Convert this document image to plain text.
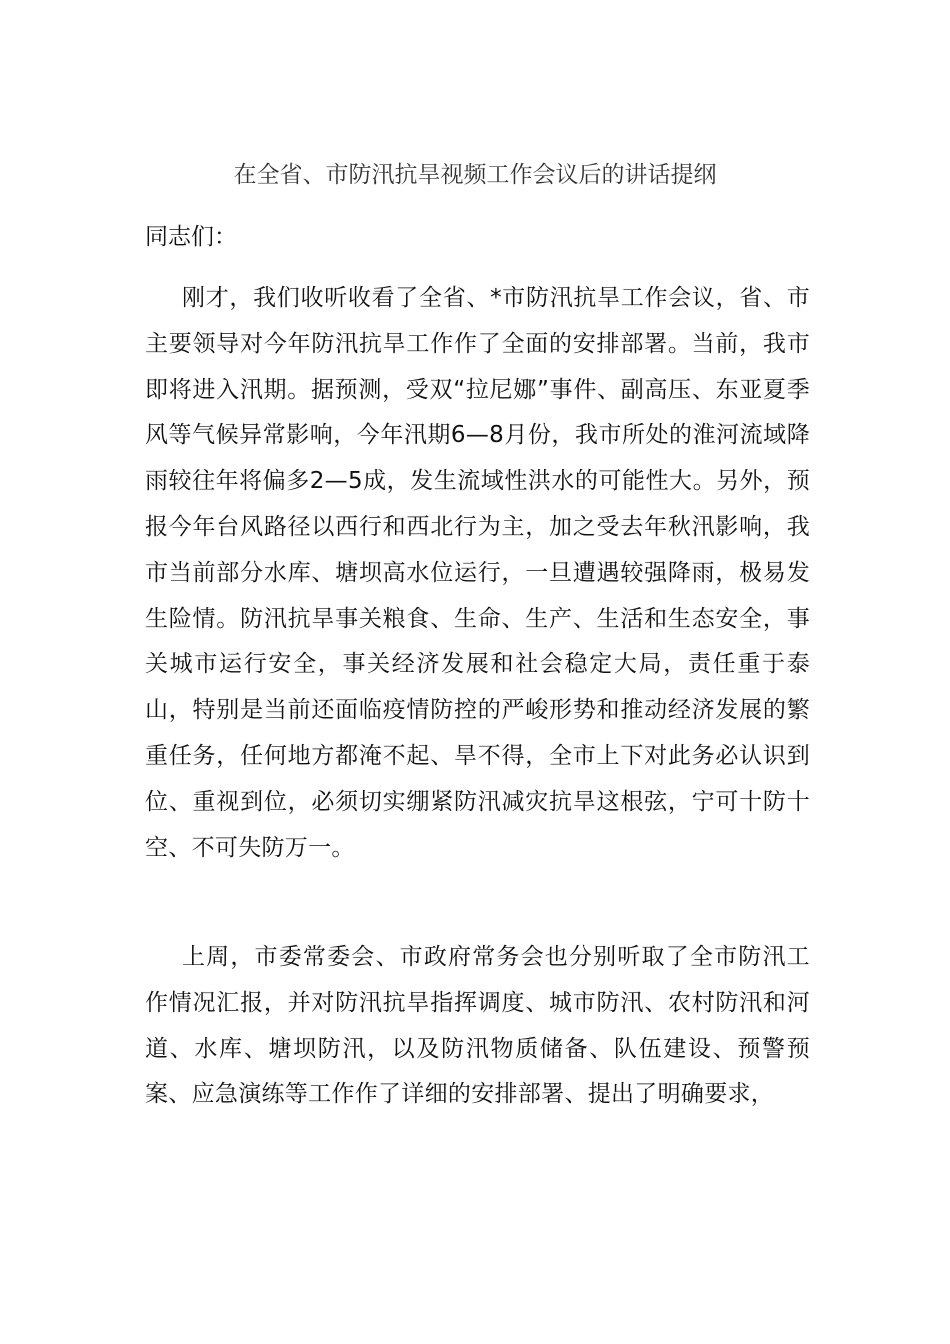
在全省、市防汛抗旱视频工作会议后的讲话提纲
同志们：

刚才，我们收听收看了全省、*市防汛抗旱工作会议，省、市主要领导对今年防汛抗旱工作作了全面的安排部署。当前，我市即将进入汛期。据预测，受双“拉尼娜”事件、副高压、东亚夏季风等气候异常影响，今年汛期6—8月份，我市所处的淮河流域降雨较往年将偏多2—5成，发生流域性洪水的可能性大。另外，预报今年台风路径以西行和西北行为主，加之受去年秋汛影响，我市当前部分水库、塘坝高水位运行，一旦遭遇较强降雨，极易发生险情。防汛抗旱事关粮食、生命、生产、生活和生态安全，事关城市运行安全，事关经济发展和社会稳定大局，责任重于泰山，特别是当前还面临疫情防控的严峻形势和推动经济发展的繁重任务，任何地方都淹不起、旱不得，全市上下对此务必认识到位、重视到位，必须切实绷紧防汛减灾抗旱这根弦，宁可十防十空、不可失防万一。

上周，市委常委会、市政府常务会也分别听取了全市防汛工作情况汇报，并对防汛抗旱指挥调度、城市防汛、农村防汛和河道、水库、塘坝防汛，以及防汛物质储备、队伍建设、预警预案、应急演练等工作作了详细的安排部署、提出了明确要求，
